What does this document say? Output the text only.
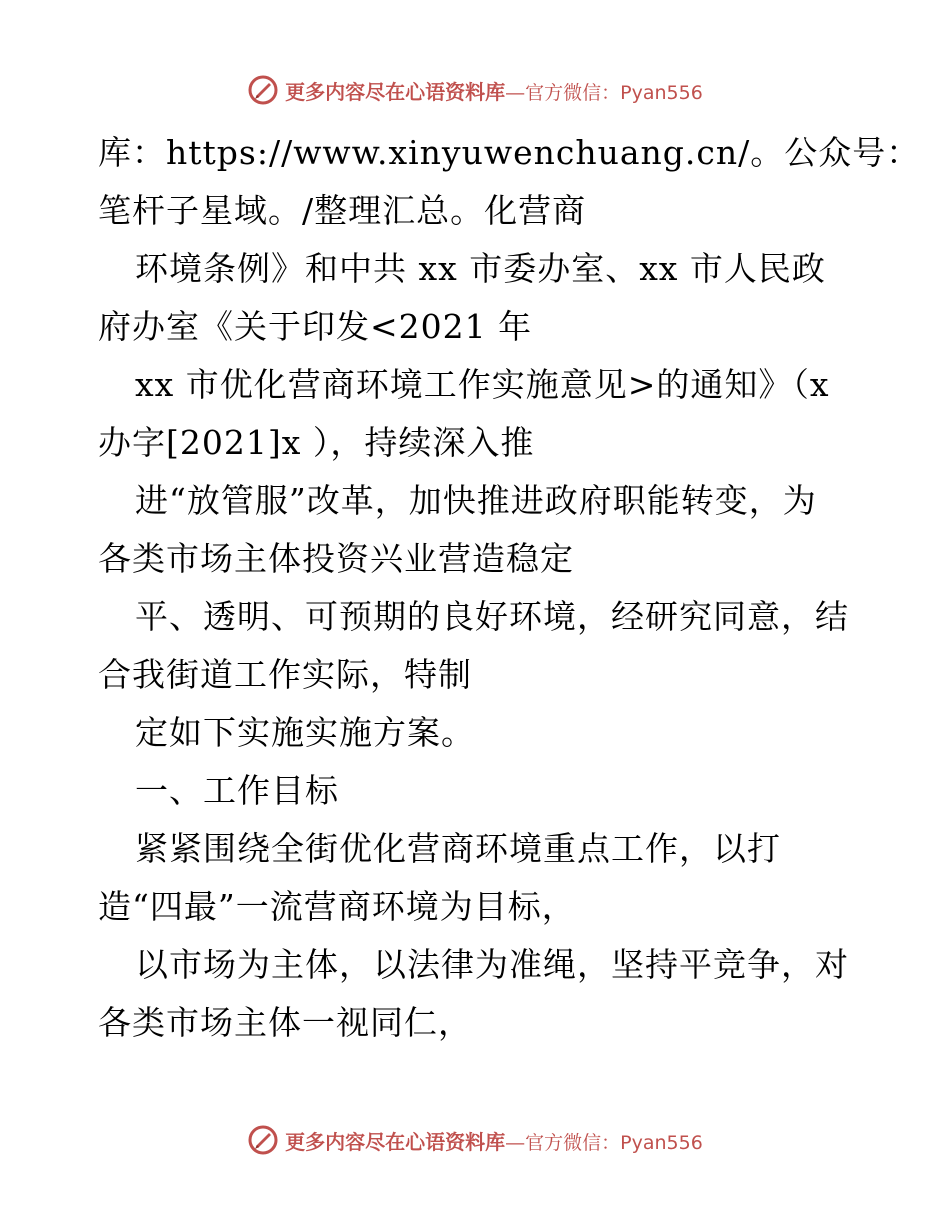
更多内容尽在心语资料库—官方微信：Pyan556
库：https://www.xinyuwenchuang.cn/。公众号：
笔杆子星域。/整理汇总。化营商
环境条例》和中共 xx 市委办室、xx 市人民政
府办室《关于印发<2021 年
xx 市优化营商环境工作实施意见>的通知》（x
办字[2021]x ），持续深入推
进“放管服”改革，加快推进政府职能转变，为
各类市场主体投资兴业营造稳定
平、透明、可预期的良好环境，经研究同意，结
合我街道工作实际，特制
定如下实施实施方案。
一、工作目标
紧紧围绕全街优化营商环境重点工作，以打
造“四最”一流营商环境为目标，
以市场为主体，以法律为准绳，坚持平竞争，对
各类市场主体一视同仁，
更多内容尽在心语资料库—官方微信：Pyan556
